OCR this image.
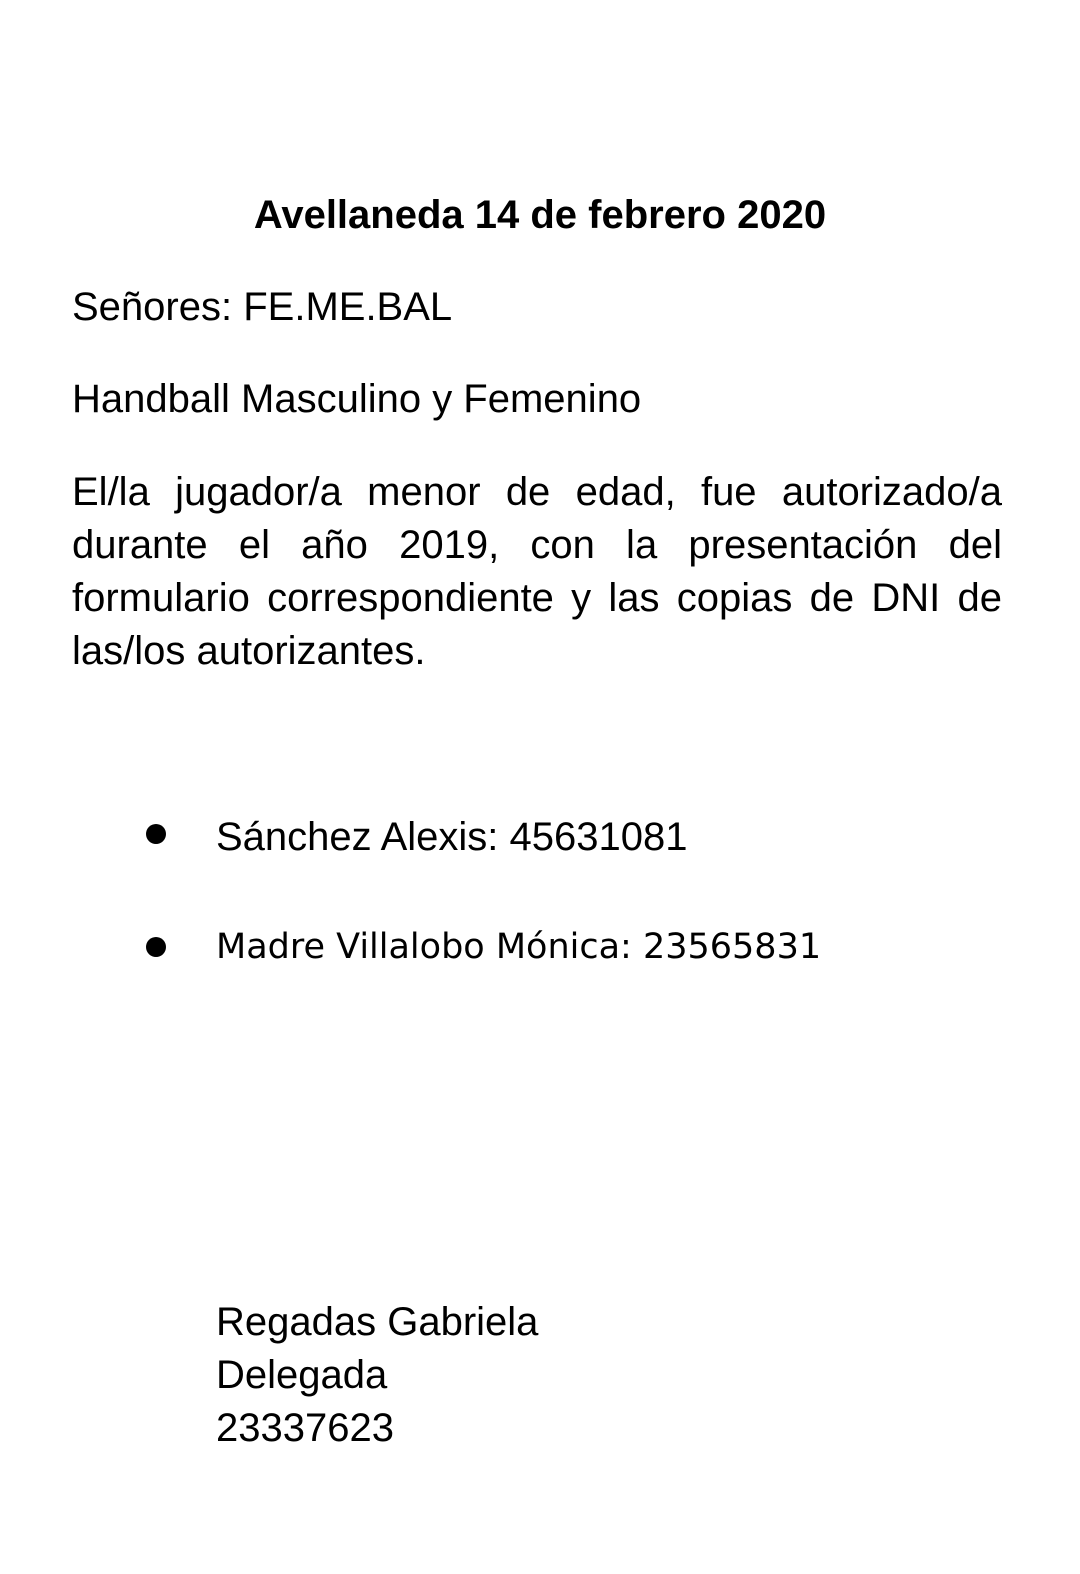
Avellaneda 14 de febrero 2020

Señores: FE.ME.BAL

Handball Masculino y Femenino

El/la jugador/a menor de edad, fue autorizado/a durante el año 2019, con la presentación del formulario correspondiente y las copias de DNI de las/los autorizantes.

Sánchez Alexis: 45631081
Madre Villalobo Mónica: 23565831
Regadas Gabriela
Delegada
23337623
